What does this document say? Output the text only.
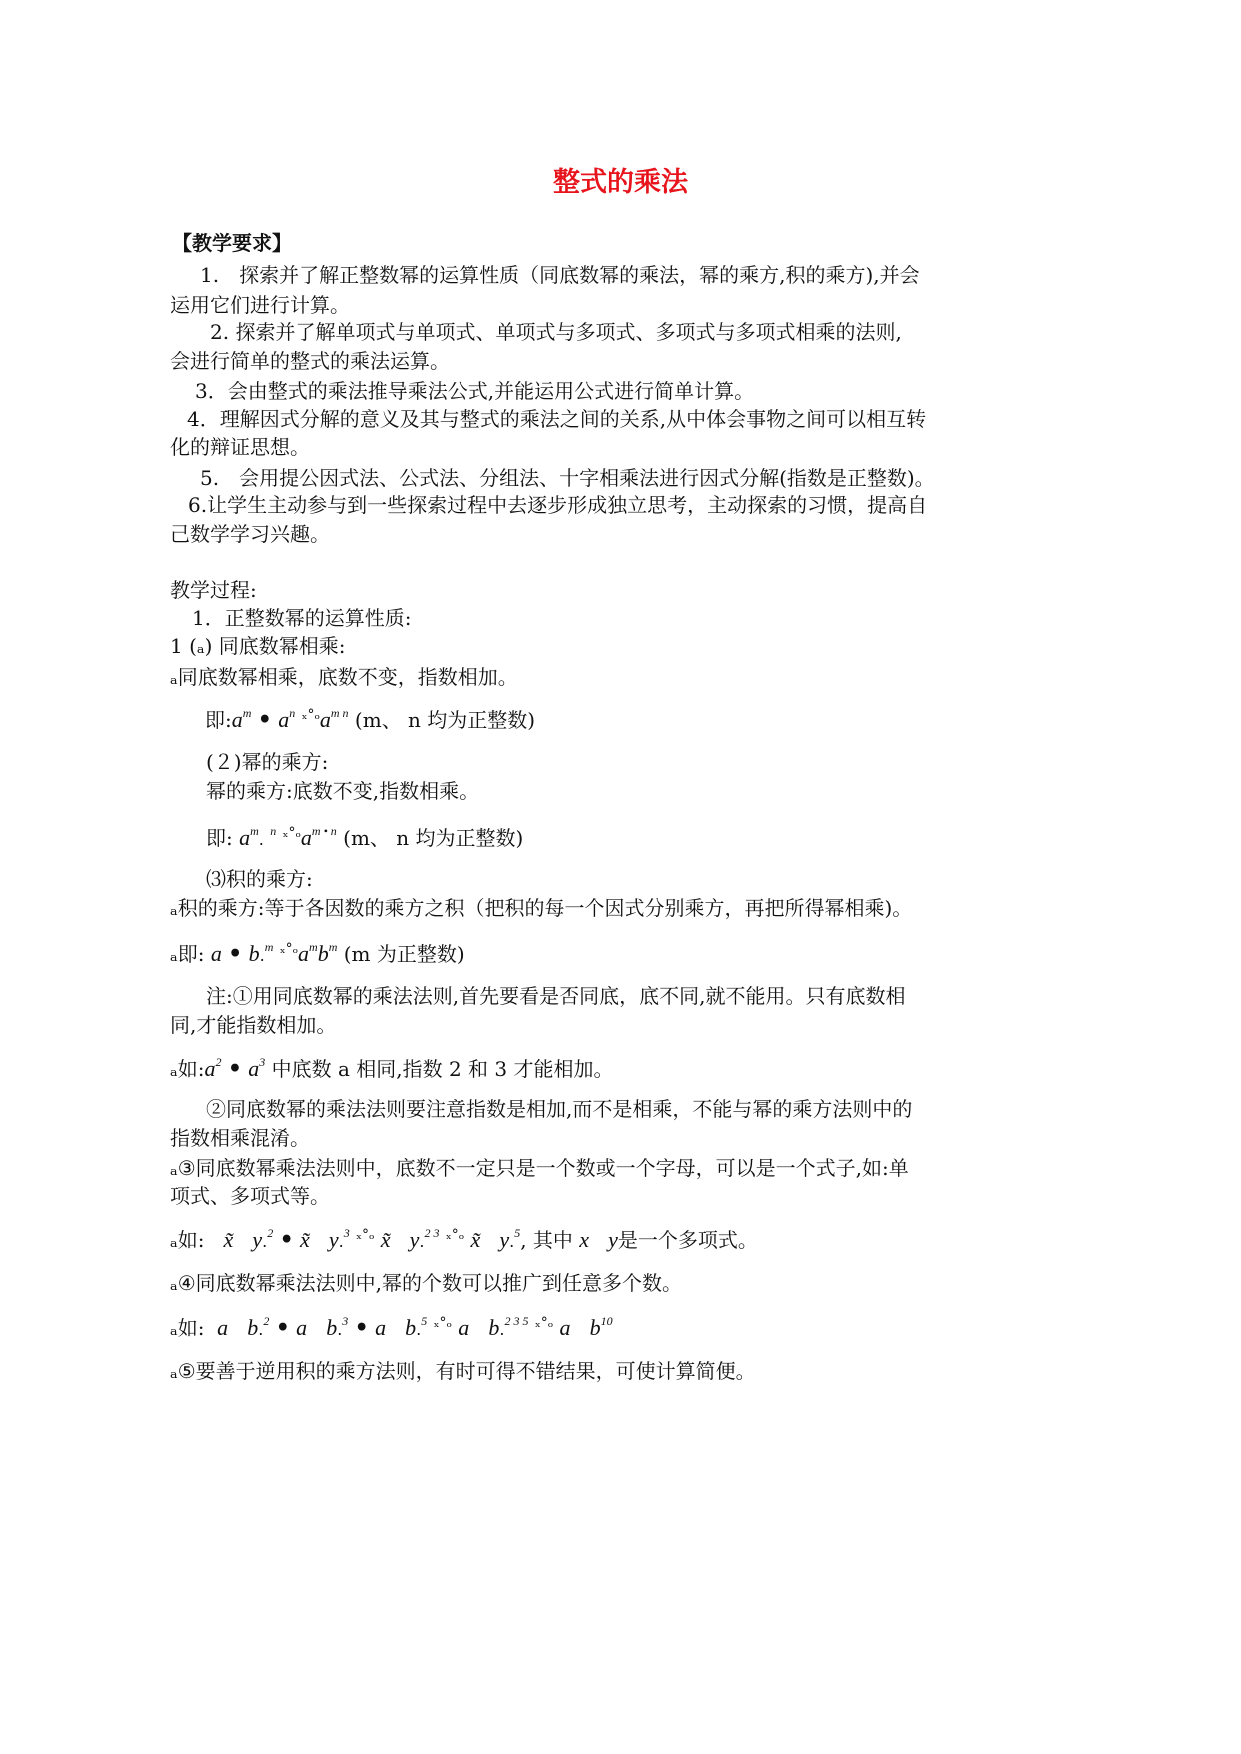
整式的乘法
【教学要求】
1.　探索并了解正整数幂的运算性质（同底数幂的乘法，幂的乘方,积的乘方),并会
运用它们进行计算。
2. 探索并了解单项式与单项式、单项式与多项式、多项式与多项式相乘的法则,
会进行简单的整式的乘法运算。
3．会由整式的乘法推导乘法公式,并能运用公式进行简单计算。
4．理解因式分解的意义及其与整式的乘法之间的关系,从中体会事物之间可以相互转
化的辩证思想。
5.　会用提公因式法、公式法、分组法、十字相乘法进行因式分解(指数是正整数)。
6.让学生主动参与到一些探索过程中去逐步形成独立思考，主动探索的习惯，提高自
己数学学习兴趣。
教学过程:
1．正整数幂的运算性质:
1 (ₐ) 同底数幂相乘:
ₐ同底数幂相乘，底数不变，指数相加。
即$:a^m$ • $a^n$ $^{_x^\circ_o}a^{m n}$ (m、 n 均为正整数)
(２)幂的乘方:
幂的乘方:底数不变,指数相乘。
即: $a^m$. $^n$ $^{_x^\circ_o}a^{m • n}$ (m、 n 均为正整数)
⑶积的乘方:
ₐ积的乘方:等于各因数的乘方之积（把积的每一个因式分别乘方，再把所得幂相乘)。
ₐ即: a • b.$^m$ $^{_x^\circ_o}a^mb^m$ (m 为正整数)
注:①用同底数幂的乘法法则,首先要看是否同底，底不同,就不能用。只有底数相
同,才能指数相加。
ₐ如$:a^2$ • $a^3$ 中底数 a 相同,指数 2 和 3 才能相加。
②同底数幂的乘法法则要注意指数是相加,而不是相乘，不能与幂的乘方法则中的
指数相乘混淆。
ₐ③同底数幂乘法法则中，底数不一定只是一个数或一个字母，可以是一个式子,如:单
项式、多项式等。
ₐ如: x̃ y.$^2$ • x̃ y.$^3$ $^{_x^\circ_o}$ x̃ y.$^{2 3}$ $^{_x^\circ_o}$ x̃ y.$^5$, 其中 x y是一个多项式。
ₐ④同底数幂乘法法则中,幂的个数可以推广到任意多个数。
ₐ如: a b.$^2$ • a b.$^3$ • a b.$^5$ $^{_x^\circ_o}$ a b.$^{2 3 5}$ $^{_x^\circ_o}$ a $b^{10}$
ₐ⑤要善于逆用积的乘方法则，有时可得不错结果，可使计算简便。
